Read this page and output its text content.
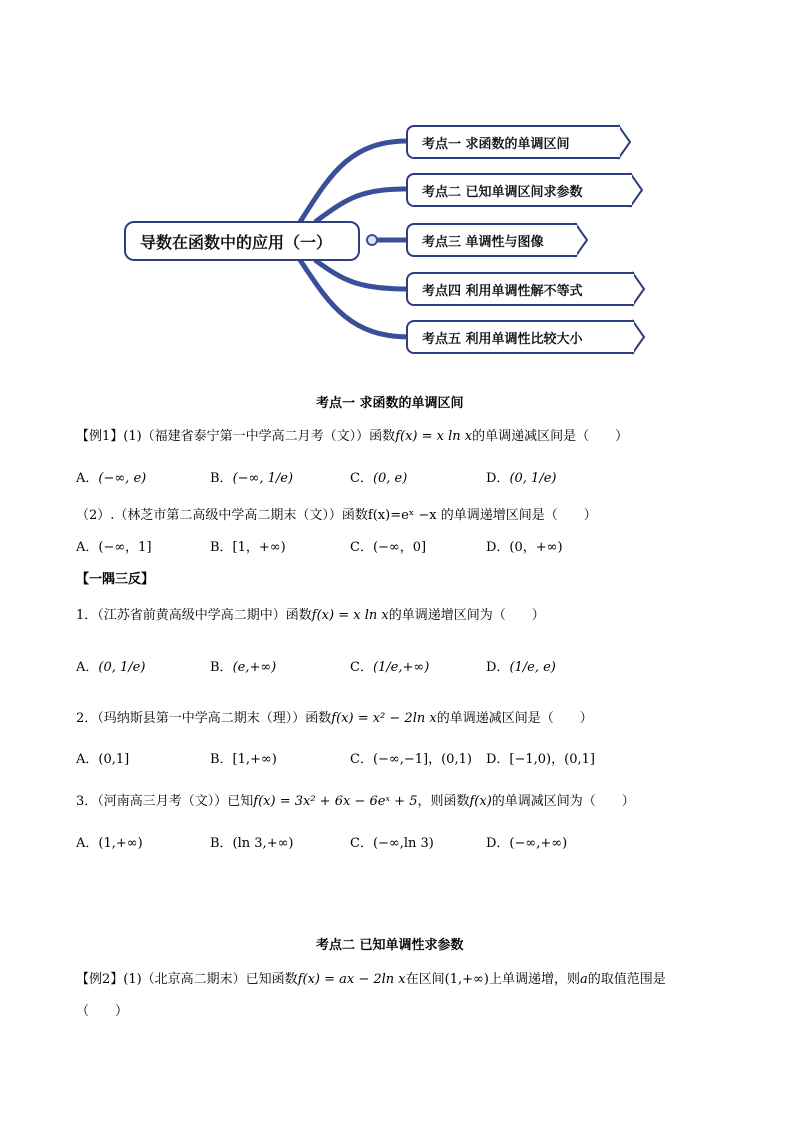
导数在函数中的应用（一）
考点一 求函数的单调区间
考点二 已知单调区间求参数
考点三 单调性与图像
考点四 利用单调性解不等式
考点五 利用单调性比较大小
考点一 求函数的单调区间
【例1】(1)（福建省泰宁第一中学高二月考（文））函数f(x) = x ln x的单调递减区间是（　　）
A．(−∞, e)	B．(−∞, 1/e)	C．(0, e)	D．(0, 1/e)
（2）.（林芝市第二高级中学高二期末（文））函数f(x)=eˣ −x 的单调递增区间是（　　）
A．(−∞，1]	B．[1，+∞)	C．(−∞，0]	D．(0，+∞)
【一隅三反】
1．（江苏省前黄高级中学高二期中）函数f(x) = x ln x的单调递增区间为（　　）
A．(0, 1/e)	B．(e,+∞)	C．(1/e,+∞)	D．(1/e, e)
2．（玛纳斯县第一中学高二期末（理））函数f(x) = x² − 2ln x的单调递减区间是（　　）
A．(0,1]	B．[1,+∞)	C．(−∞,−1]，(0,1) D．[−1,0)，(0,1]
3．（河南高三月考（文））已知f(x) = 3x² + 6x − 6eˣ + 5，则函数f(x)的单调减区间为（　　）
A．(1,+∞)	B．(ln 3,+∞)	C．(−∞,ln 3)	D．(−∞,+∞)
考点二 已知单调性求参数
【例2】(1)（北京高二期末）已知函数f(x) = ax − 2ln x在区间(1,+∞)上单调递增，则a的取值范围是
（　　）
